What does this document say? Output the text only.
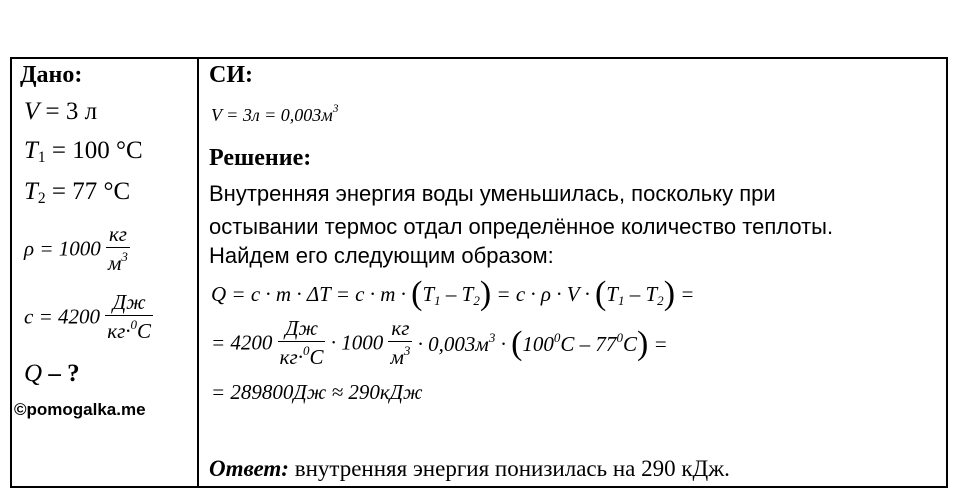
Дано:
V = 3 л
$T_1 = 100$ °C
$T_2 = 77$ °C
$\rho = 1000 \frac{кг}{м^3}$
$c = 4200 \frac{Дж}{кг\cdot^0C}$
Q – ?
©pomogalka.me
СИ:
$V = 3л = 0,003м^3$
Решение:
Внутренняя энергия воды уменьшилась, поскольку при
остывании термос отдал определённое количество теплоты.
Найдем его следующим образом:
$Q = c \cdot m \cdot \Delta T = c \cdot m \cdot (T_1 - T_2) = c \cdot \rho \cdot V \cdot (T_1 - T_2)$ =
= $4200 \frac{Дж}{кг\cdot^0C} \cdot 1000 \frac{кг}{м^3} \cdot 0,003м^3 \cdot (100^0C - 77^0C)$ =
= 289800Дж ≈ 290кДж
Ответ: внутренняя энергия понизилась на 290 кДж.
